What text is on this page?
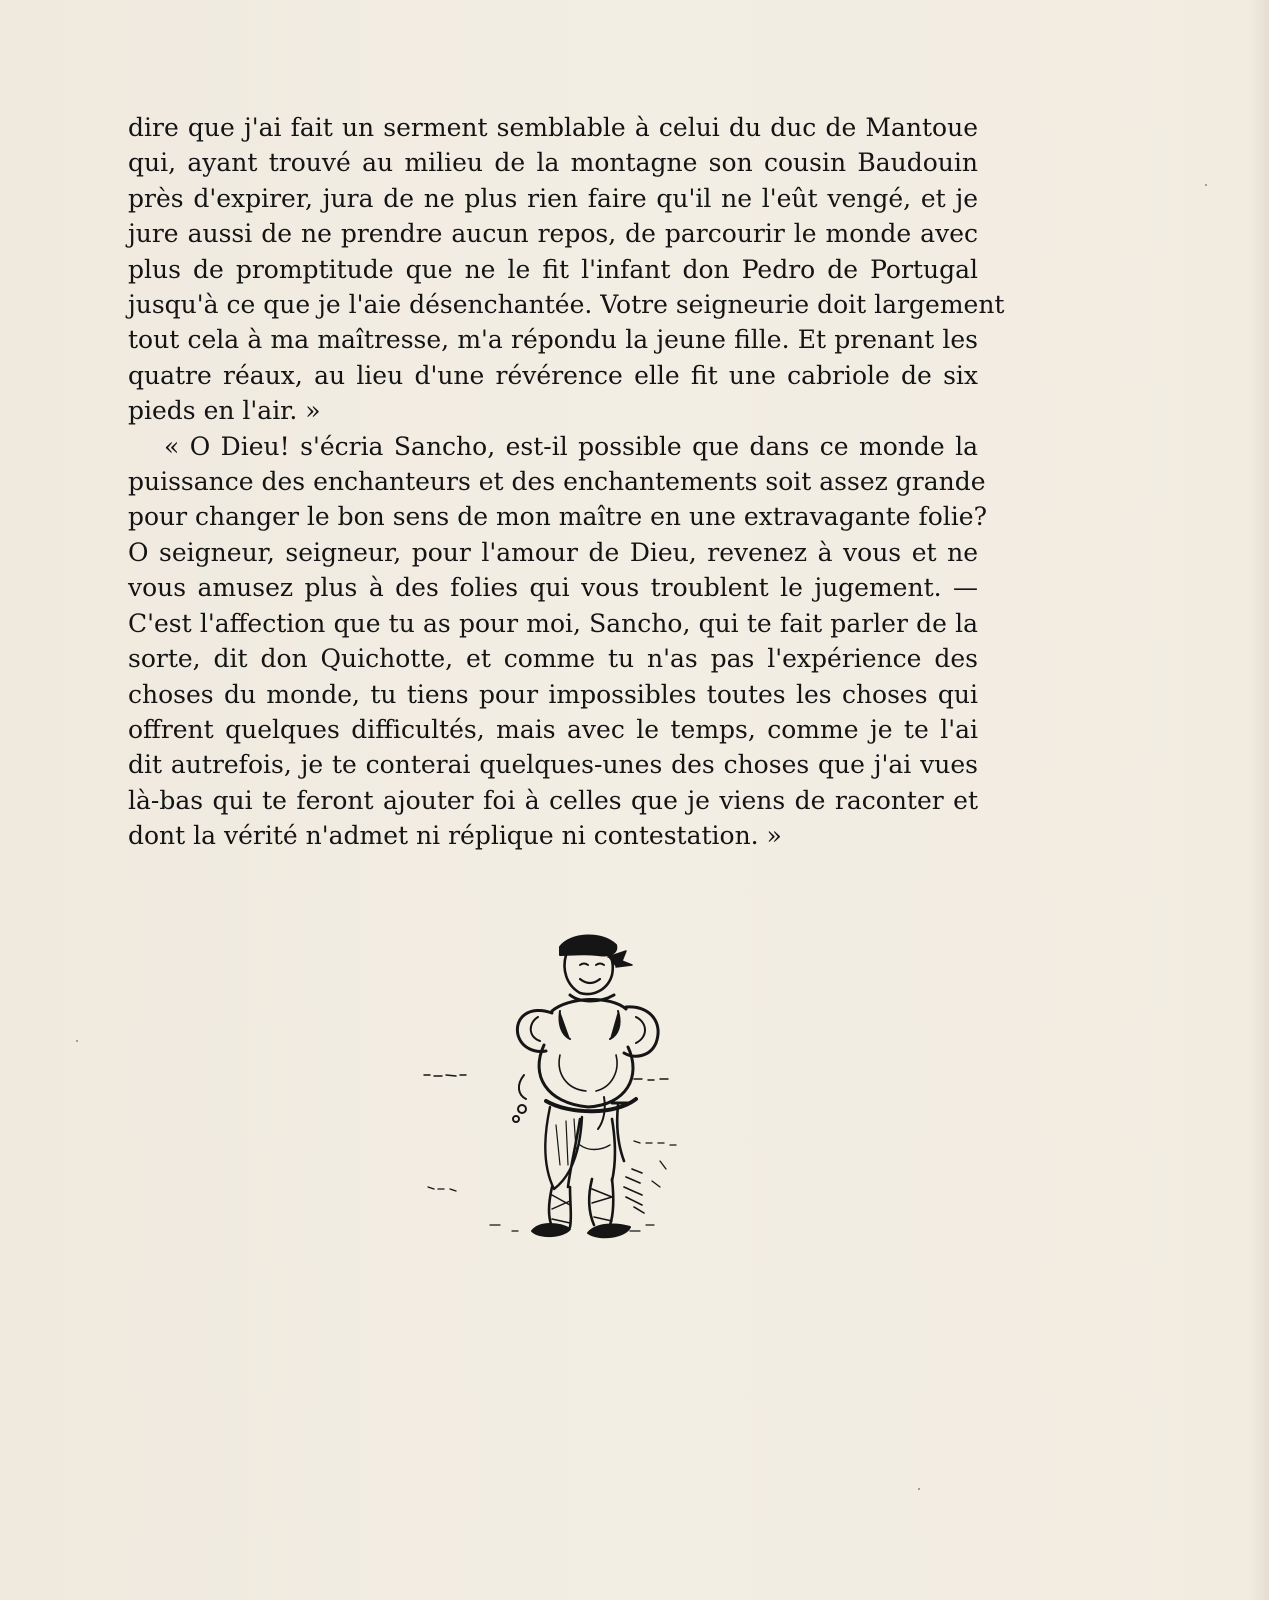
dire que j'ai fait un serment semblable à celui du duc de Mantoue

qui, ayant trouvé au milieu de la montagne son cousin Baudouin

près d'expirer, jura de ne plus rien faire qu'il ne l'eût vengé, et je

jure aussi de ne prendre aucun repos, de parcourir le monde avec

plus de promptitude que ne le fit l'infant don Pedro de Portugal

jusqu'à ce que je l'aie désenchantée. Votre seigneurie doit largement

tout cela à ma maîtresse, m'a répondu la jeune fille. Et prenant les

quatre réaux, au lieu d'une révérence elle fit une cabriole de six

pieds en l'air. »

« O Dieu! s'écria Sancho, est-il possible que dans ce monde la

puissance des enchanteurs et des enchantements soit assez grande

pour changer le bon sens de mon maître en une extravagante folie?

O seigneur, seigneur, pour l'amour de Dieu, revenez à vous et ne

vous amusez plus à des folies qui vous troublent le jugement. —

C'est l'affection que tu as pour moi, Sancho, qui te fait parler de la

sorte, dit don Quichotte, et comme tu n'as pas l'expérience des

choses du monde, tu tiens pour impossibles toutes les choses qui

offrent quelques difficultés, mais avec le temps, comme je te l'ai

dit autrefois, je te conterai quelques-unes des choses que j'ai vues

là-bas qui te feront ajouter foi à celles que je viens de raconter et

dont la vérité n'admet ni réplique ni contestation. »
